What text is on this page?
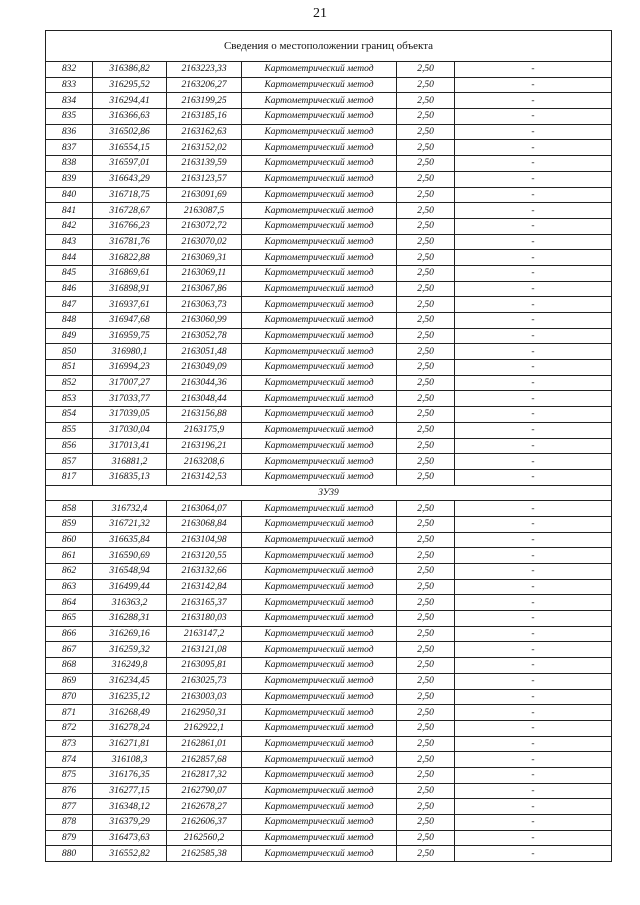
21
Сведения о местоположении границ объекта					
832	316386,82	2163223,33	Картометрический метод	2,50	-
833	316295,52	2163206,27	Картометрический метод	2,50	-
834	316294,41	2163199,25	Картометрический метод	2,50	-
835	316366,63	2163185,16	Картометрический метод	2,50	-
836	316502,86	2163162,63	Картометрический метод	2,50	-
837	316554,15	2163152,02	Картометрический метод	2,50	-
838	316597,01	2163139,59	Картометрический метод	2,50	-
839	316643,29	2163123,57	Картометрический метод	2,50	-
840	316718,75	2163091,69	Картометрический метод	2,50	-
841	316728,67	2163087,5	Картометрический метод	2,50	-
842	316766,23	2163072,72	Картометрический метод	2,50	-
843	316781,76	2163070,02	Картометрический метод	2,50	-
844	316822,88	2163069,31	Картометрический метод	2,50	-
845	316869,61	2163069,11	Картометрический метод	2,50	-
846	316898,91	2163067,86	Картометрический метод	2,50	-
847	316937,61	2163063,73	Картометрический метод	2,50	-
848	316947,68	2163060,99	Картометрический метод	2,50	-
849	316959,75	2163052,78	Картометрический метод	2,50	-
850	316980,1	2163051,48	Картометрический метод	2,50	-
851	316994,23	2163049,09	Картометрический метод	2,50	-
852	317007,27	2163044,36	Картометрический метод	2,50	-
853	317033,77	2163048,44	Картометрический метод	2,50	-
854	317039,05	2163156,88	Картометрический метод	2,50	-
855	317030,04	2163175,9	Картометрический метод	2,50	-
856	317013,41	2163196,21	Картометрический метод	2,50	-
857	316881,2	2163208,6	Картометрический метод	2,50	-
817	316835,13	2163142,53	Картометрический метод	2,50	-
ЗУ39					
858	316732,4	2163064,07	Картометрический метод	2,50	-
859	316721,32	2163068,84	Картометрический метод	2,50	-
860	316635,84	2163104,98	Картометрический метод	2,50	-
861	316590,69	2163120,55	Картометрический метод	2,50	-
862	316548,94	2163132,66	Картометрический метод	2,50	-
863	316499,44	2163142,84	Картометрический метод	2,50	-
864	316363,2	2163165,37	Картометрический метод	2,50	-
865	316288,31	2163180,03	Картометрический метод	2,50	-
866	316269,16	2163147,2	Картометрический метод	2,50	-
867	316259,32	2163121,08	Картометрический метод	2,50	-
868	316249,8	2163095,81	Картометрический метод	2,50	-
869	316234,45	2163025,73	Картометрический метод	2,50	-
870	316235,12	2163003,03	Картометрический метод	2,50	-
871	316268,49	2162950,31	Картометрический метод	2,50	-
872	316278,24	2162922,1	Картометрический метод	2,50	-
873	316271,81	2162861,01	Картометрический метод	2,50	-
874	316108,3	2162857,68	Картометрический метод	2,50	-
875	316176,35	2162817,32	Картометрический метод	2,50	-
876	316277,15	2162790,07	Картометрический метод	2,50	-
877	316348,12	2162678,27	Картометрический метод	2,50	-
878	316379,29	2162606,37	Картометрический метод	2,50	-
879	316473,63	2162560,2	Картометрический метод	2,50	-
880	316552,82	2162585,38	Картометрический метод	2,50	-
